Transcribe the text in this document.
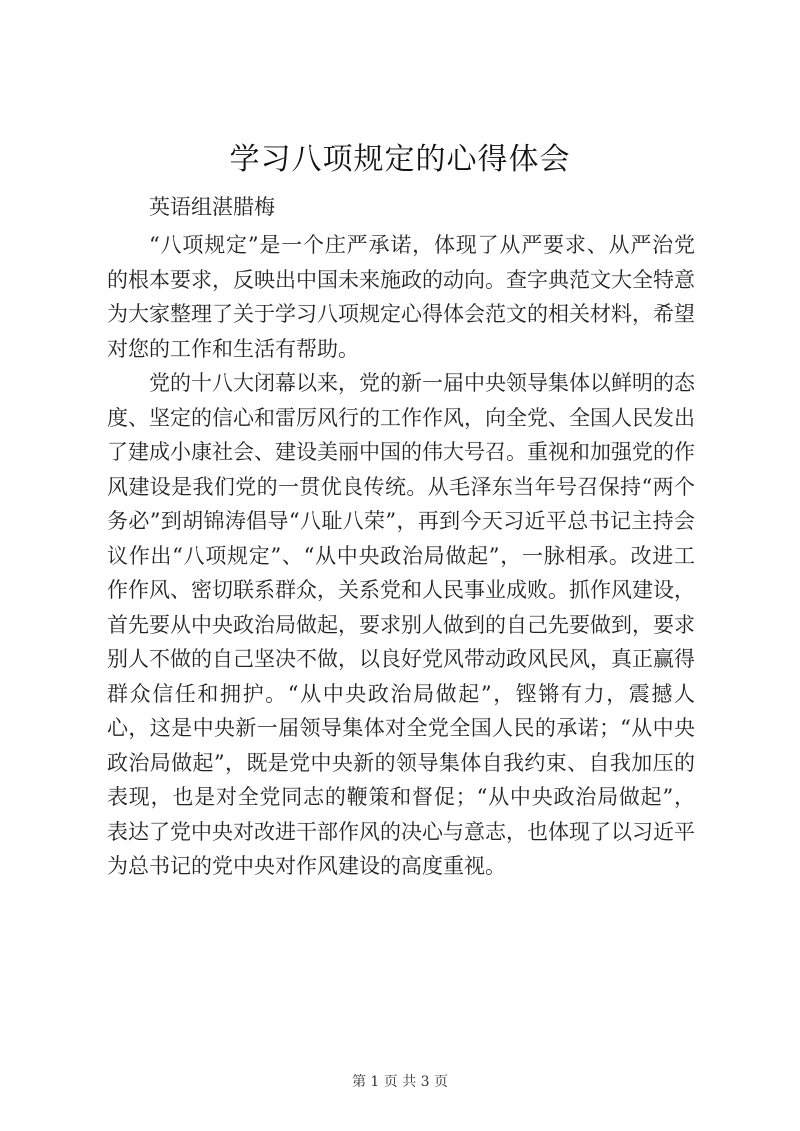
学习八项规定的心得体会

英语组湛腊梅

“八项规定”是一个庄严承诺，体现了从严要求、从严治党的根本要求，反映出中国未来施政的动向。查字典范文大全特意为大家整理了关于学习八项规定心得体会范文的相关材料，希望对您的工作和生活有帮助。

党的十八大闭幕以来，党的新一届中央领导集体以鲜明的态度、坚定的信心和雷厉风行的工作作风，向全党、全国人民发出了建成小康社会、建设美丽中国的伟大号召。重视和加强党的作风建设是我们党的一贯优良传统。从毛泽东当年号召保持“两个务必”到胡锦涛倡导“八耻八荣”，再到今天习近平总书记主持会议作出“八项规定”、“从中央政治局做起”，一脉相承。改进工作作风、密切联系群众，关系党和人民事业成败。抓作风建设，首先要从中央政治局做起，要求别人做到的自己先要做到，要求别人不做的自己坚决不做，以良好党风带动政风民风，真正赢得群众信任和拥护。“从中央政治局做起”，铿锵有力，震撼人心，这是中央新一届领导集体对全党全国人民的承诺；“从中央政治局做起”，既是党中央新的领导集体自我约束、自我加压的表现，也是对全党同志的鞭策和督促；“从中央政治局做起”，表达了党中央对改进干部作风的决心与意志，也体现了以习近平为总书记的党中央对作风建设的高度重视。

第 1 页 共 3 页
